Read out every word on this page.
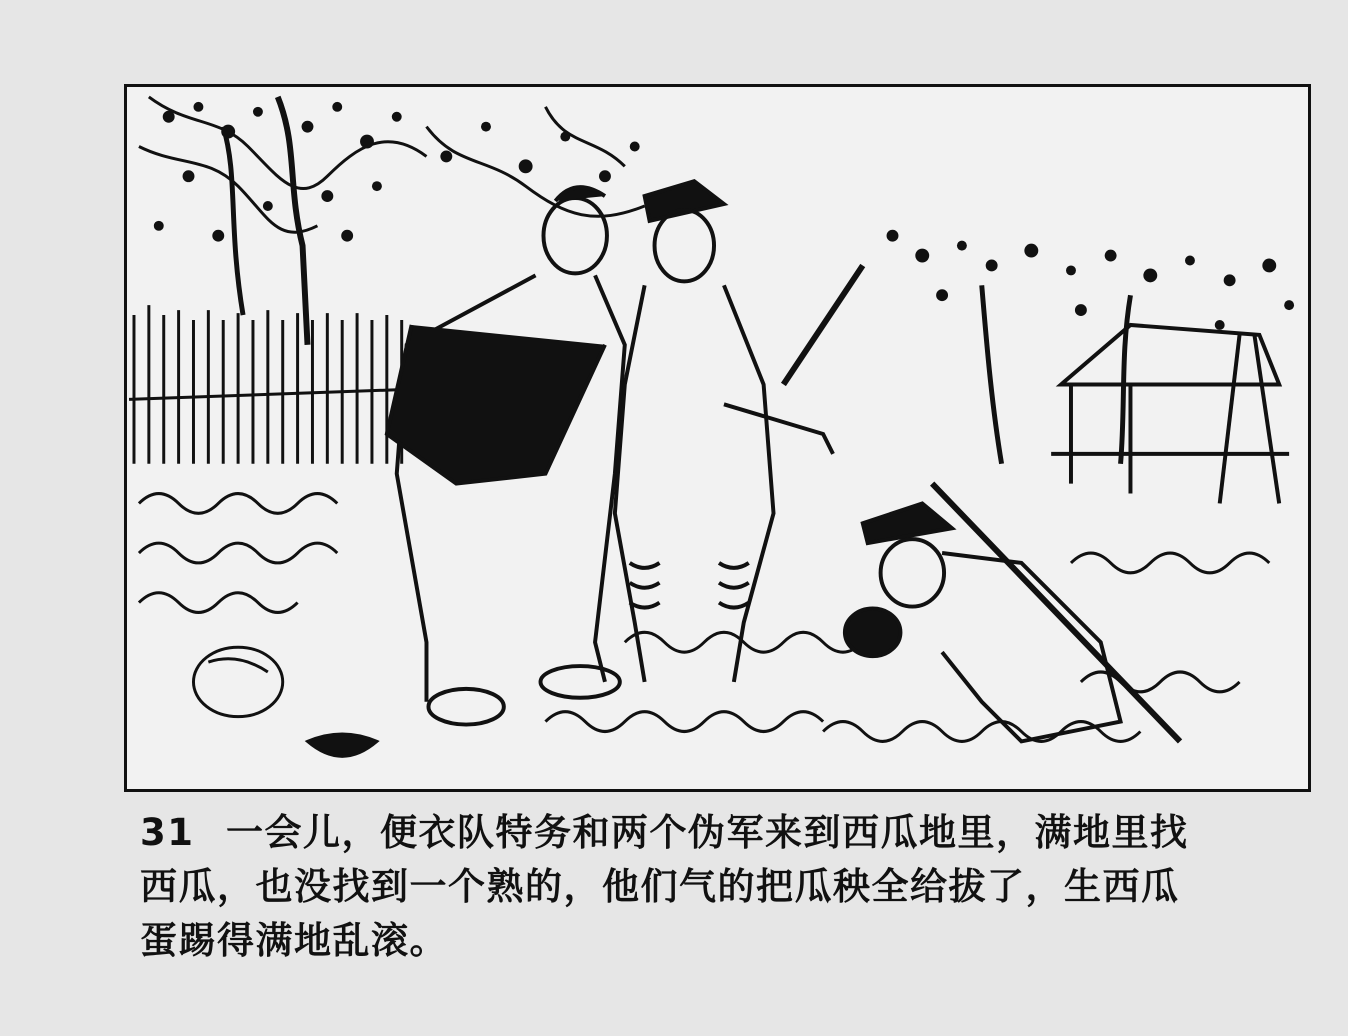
31 一会儿，便衣队特务和两个伪军来到西瓜地里，满地里找
西瓜，也没找到一个熟的，他们气的把瓜秧全给拔了，生西瓜
蛋踢得满地乱滚。
